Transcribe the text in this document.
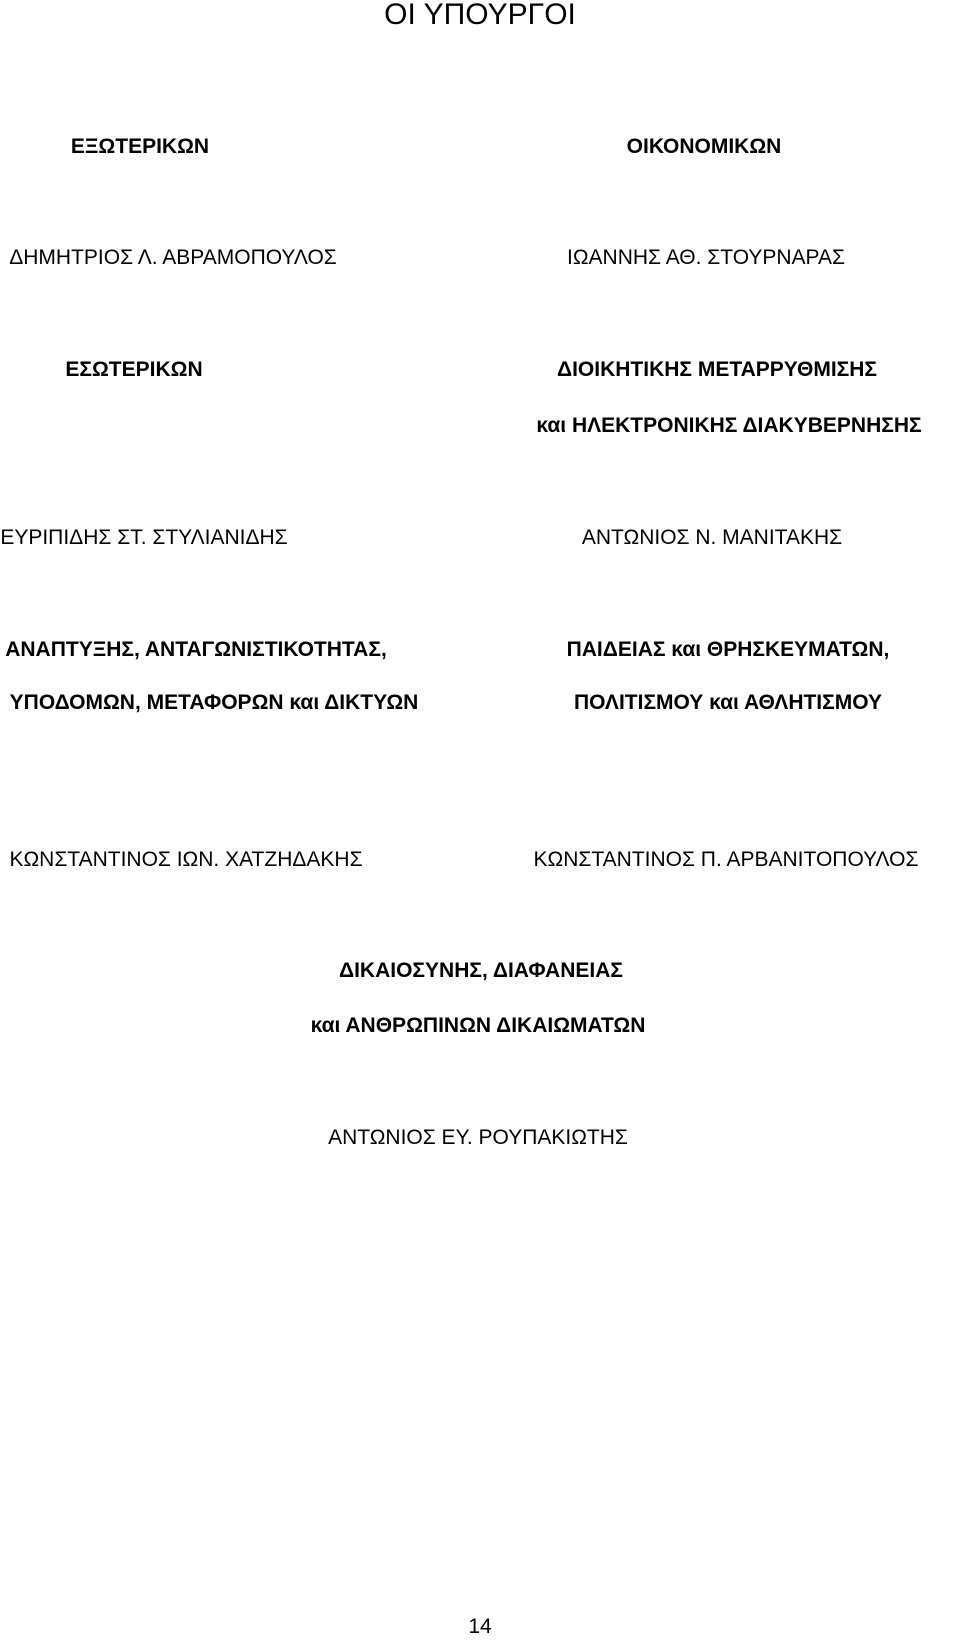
ΟΙ ΥΠΟΥΡΓΟΙ
ΕΞΩΤΕΡΙΚΩΝ
ΔΗΜΗΤΡΙΟΣ Λ. ΑΒΡΑΜΟΠΟΥΛΟΣ
ΟΙΚΟΝΟΜΙΚΩΝ
ΙΩΑΝΝΗΣ ΑΘ. ΣΤΟΥΡΝΑΡΑΣ
ΕΣΩΤΕΡΙΚΩΝ
ΕΥΡΙΠΙΔΗΣ ΣΤ. ΣΤΥΛΙΑΝΙΔΗΣ
ΔΙΟΙΚΗΤΙΚΗΣ ΜΕΤΑΡΡΥΘΜΙΣΗΣ
και ΗΛΕΚΤΡΟΝΙΚΗΣ ΔΙΑΚΥΒΕΡΝΗΣΗΣ
ΑΝΤΩΝΙΟΣ Ν. ΜΑΝΙΤΑΚΗΣ
ΑΝΑΠΤΥΞΗΣ, ΑΝΤΑΓΩΝΙΣΤΙΚΟΤΗΤΑΣ,
ΥΠΟΔΟΜΩΝ, ΜΕΤΑΦΟΡΩΝ και ΔΙΚΤΥΩΝ
ΚΩΝΣΤΑΝΤΙΝΟΣ ΙΩΝ. ΧΑΤΖΗΔΑΚΗΣ
ΠΑΙΔΕΙΑΣ και ΘΡΗΣΚΕΥΜΑΤΩΝ,
ΠΟΛΙΤΙΣΜΟΥ και ΑΘΛΗΤΙΣΜΟΥ
ΚΩΝΣΤΑΝΤΙΝΟΣ Π. ΑΡΒΑΝΙΤΟΠΟΥΛΟΣ
ΔΙΚΑΙΟΣΥΝΗΣ, ΔΙΑΦΑΝΕΙΑΣ
και ΑΝΘΡΩΠΙΝΩΝ ΔΙΚΑΙΩΜΑΤΩΝ
ΑΝΤΩΝΙΟΣ ΕΥ. ΡΟΥΠΑΚΙΩΤΗΣ
14
